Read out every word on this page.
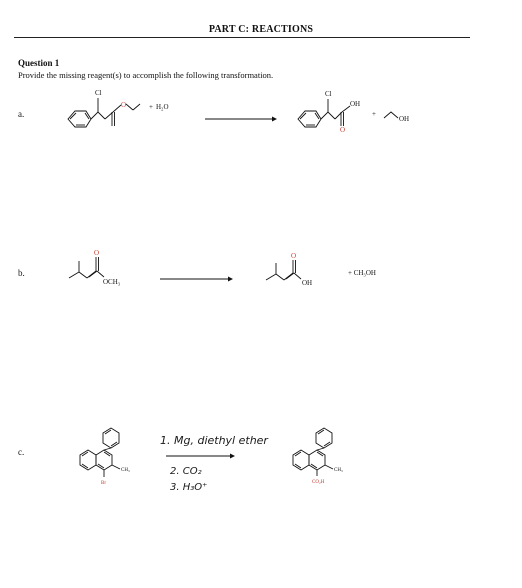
PART C: REACTIONS
Question 1
Provide the missing reagent(s) to accomplish the following transformation.
a.
b.
c.
Cl
O	+ H₂O
Cl
OH
O
+
OH
O
OCH₃
O
OH
+ CH₃OH
CH₃
Br
CH₃
CO₂H
1. Mg, diethyl ether
2. CO₂
3. H₃O⁺
